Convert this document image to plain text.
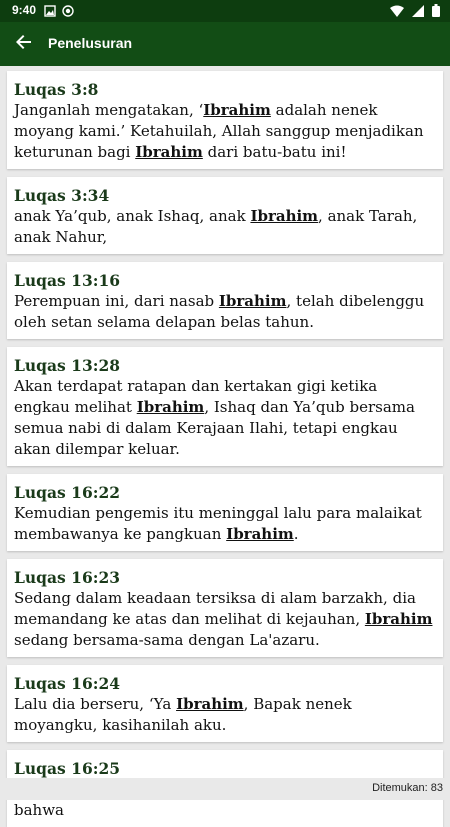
9:40
Penelusuran
Luqas 3:8
Janganlah mengatakan, ‘Ibrahim adalah nenek moyang kami.’ Ketahuilah, Allah sanggup menjadikan keturunan bagi Ibrahim dari batu-batu ini!
Luqas 3:34
anak Ya’qub, anak Ishaq, anak Ibrahim, anak Tarah, anak Nahur,
Luqas 13:16
Perempuan ini, dari nasab Ibrahim, telah dibelenggu oleh setan selama delapan belas tahun.
Luqas 13:28
Akan terdapat ratapan dan kertakan gigi ketika engkau melihat Ibrahim, Ishaq dan Ya’qub bersama semua nabi di dalam Kerajaan Ilahi, tetapi engkau akan dilempar keluar.
Luqas 16:22
Kemudian pengemis itu meninggal lalu para malaikat membawanya ke pangkuan Ibrahim.
Luqas 16:23
Sedang dalam keadaan tersiksa di alam barzakh, dia memandang ke atas dan melihat di kejauhan, Ibrahim sedang bersama-sama dengan La'azaru.
Luqas 16:24
Lalu dia berseru, ‘Ya Ibrahim, Bapak nenek moyangku, kasihanilah aku.
Luqas 16:25
bahwa
Ditemukan: 83
